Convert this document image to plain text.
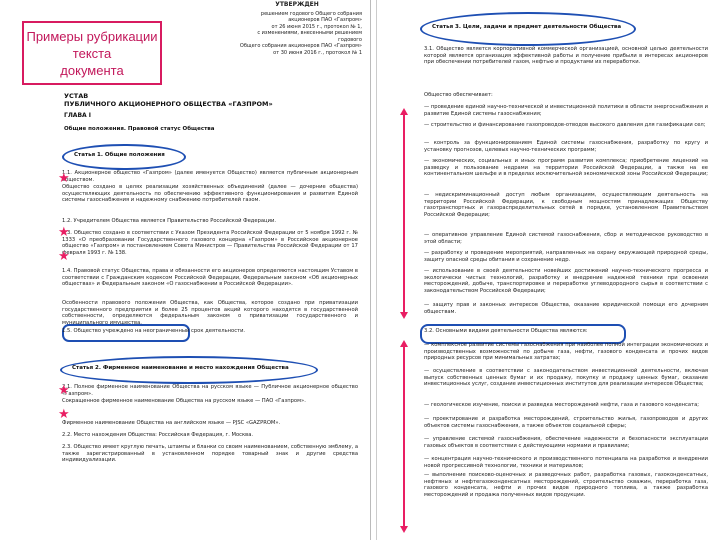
Примеры рубрикации
текста
документа
УТВЕРЖДЕН

решением годового Общего собрания

акционеров ПАО «Газпром»

от 26 июня 2015 г., протокол № 1,

с изменениями, внесенными решением годового

Общего собрания акционеров ПАО «Газпром»

от 30 июня 2016 г., протокол № 1

УСТАВ

ПУБЛИЧНОГО АКЦИОНЕРНОГО ОБЩЕСТВА «ГАЗПРОМ»

ГЛАВА I
Общие положения. Правовой статус Общества
Статья 1. Общие положения

1.1. Акционерное общество «Газпром» (далее именуется Общество) является публичным акционерным обществом.

Общество создано в целях реализации хозяйственных объединений (далее — дочерние общества) осуществляющих деятельность по обеспечению эффективного функционирования и развития Единой системы газоснабжения и надежному снабжению потребителей газом.

1.2. Учредителем Общества является Правительство Российской Федерации.

1.3. Общество создано в соответствии с Указом Президента Российской Федерации от 5 ноября 1992 г. № 1333 «О преобразовании Государственного газового концерна «Газпром» в Российское акционерное общество «Газпром» и постановлением Совета Министров — Правительства Российской Федерации от 17 февраля 1993 г. № 138.

1.4. Правовой статус Общества, права и обязанности его акционеров определяются настоящим Уставом в соответствии с Гражданским кодексом Российской Федерации, Федеральным законом «Об акционерных обществах» и Федеральным законом «О газоснабжении в Российской Федерации».

Особенности правового положения Общества, как Общества, которое создано при приватизации государственного предприятия и более 25 процентов акций которого находятся в государственной собственности, определяются федеральным законом о приватизации государственного и муниципального имущества.

1.5. Общество учреждено на неограниченный срок деятельности.

Статья 2. Фирменное наименование и место нахождения Общества

2.1. Полное фирменное наименование Общества на русском языке — Публичное акционерное общество «Газпром».

Сокращенное фирменное наименование Общества на русском языке — ПАО «Газпром».

Фирменное наименование Общества на английском языке — PJSC «GAZPROM».

2.2. Место нахождения Общества: Российская Федерация, г. Москва.

2.3. Общество имеет круглую печать, штампы и бланки со своим наименованием, собственную эмблему, а также зарегистрированный в установленном порядке товарный знак и другие средства индивидуализации.

★
★
★
★
★
Статья 3. Цели, задачи и предмет деятельности Общества

3.1. Общество является корпоративной коммерческой организацией, основной целью деятельности которой является организация эффективной работы и получение прибыли в интересах акционеров при обеспечении потребителей газом, нефтью и продуктами их переработки.

Общество обеспечивает:

— проведение единой научно-технической и инвестиционной политики в области энергоснабжения и развитие Единой системы газоснабжения;

— строительство и финансирование газопроводов-отводов высокого давления для газификации сел;

— контроль за функционированием Единой системы газоснабжения, разработку по кругу и установку прогнозов, целевых научно-технических программ;

— экономических, социальных и иных программ развития комплекса; приобретение лицензий на разведку и пользование недрами на территории Российской Федерации, а также на ее континентальном шельфе и в пределах исключительной экономической зоны Российской Федерации;

— недискриминационный доступ любым организациям, осуществляющим деятельность на территории Российской Федерации, к свободным мощностям принадлежащих Обществу газотранспортных и газораспределительных сетей в порядке, установленном Правительством Российской Федерации;

— оперативное управление Единой системой газоснабжения, сбор и методическое руководство в этой области;

— разработку и проведение мероприятий, направленных на охрану окружающей природной среды, защиту опасной среды обитания и сохранение недр.

— использование в своей деятельности новейших достижений научно-технического прогресса и экологически чистых технологий, разработку и внедрение надежной техники при освоении месторождений, добыче, транспортировке и переработке углеводородного сырья в соответствии с законодательством Российской Федерации;

— защиту прав и законных интересов Общества, оказание юридической помощи его дочерним обществам.

3.2. Основными видами деятельности Общества являются:

— комплексное развитие системы газоснабжения при наиболее полной интеграции экономических и производственных возможностей по добыче газа, нефти, газового конденсата и прочих видов природных ресурсов при минимальных затратах;

— осуществление в соответствии с законодательством инвестиционной деятельности, включая выпуск собственных ценных бумаг и их продажу, покупку и продажу ценных бумаг, оказание инвестиционных услуг, создание инвестиционных институтов для реализации интересов Общества;

— геологическое изучение, поиски и разведка месторождений нефти, газа и газового конденсата;

— проектирование и разработка месторождений, строительство жилья, газопроводов и других объектов системы газоснабжения, а также объектов социальной сферы;

— управление системой газоснабжения, обеспечение надежности и безопасности эксплуатации газовых объектов в соответствии с действующими нормами и правилами;

— концентрация научно-технического и производственного потенциала на разработке и внедрении новой прогрессивной технологии, техники и материалов;

— выполнение поисково-оценочных и разведочных работ, разработка газовых, газоконденсатных, нефтяных и нефтегазоконденсатных месторождений, строительство скважин, переработка газа, газового конденсата, нефти и прочих видов природного топлива, а также разработка месторождений и продажа полученных видов продукции.
